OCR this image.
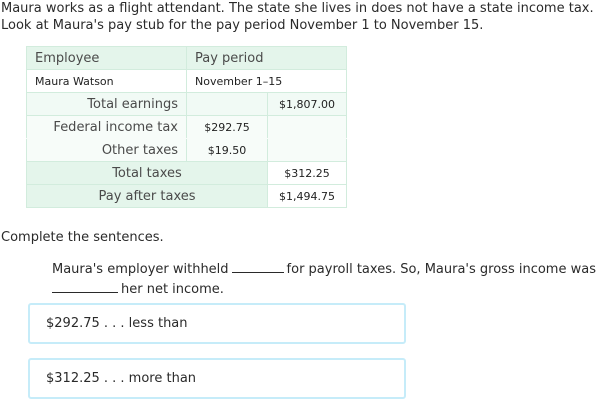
Maura works as a flight attendant. The state she lives in does not have a state income tax.
Look at Maura's pay stub for the pay period November 1 to November 15.
Employee	Pay period	
Maura Watson	November 1–15	
Total earnings		$1,807.00
Federal income tax	$292.75	
Other taxes	$19.50	
Total taxes		$312.25
Pay after taxes		$1,494.75
Complete the sentences.
Maura's employer withheld	for payroll taxes. So, Maura's gross income was
her net income.
$292.75 . . . less than
$312.25 . . . more than
